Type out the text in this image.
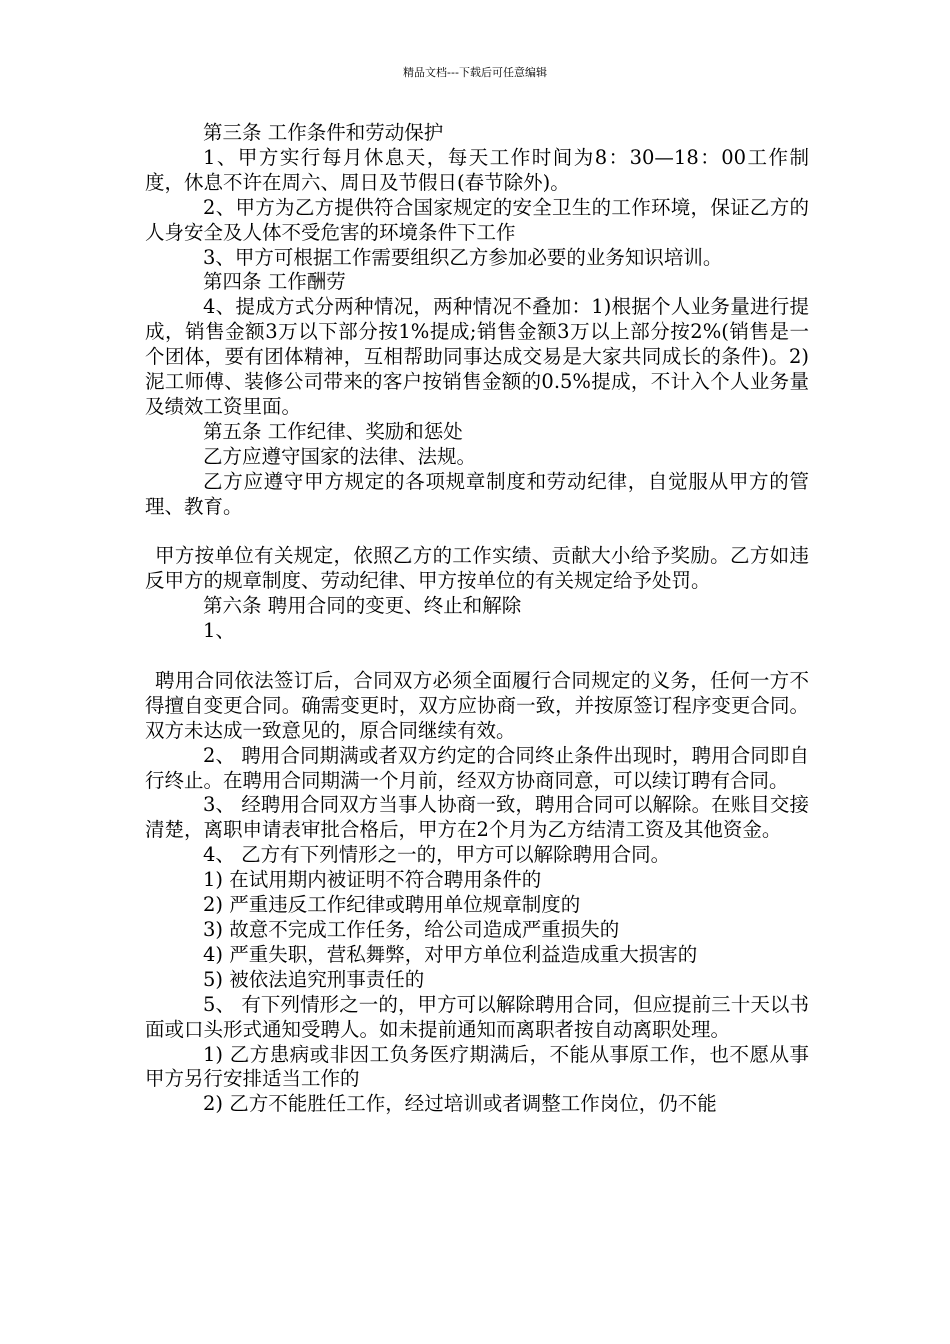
精品文档---下载后可任意编辑

第三条 工作条件和劳动保护

1、甲方实行每月休息天，每天工作时间为8：30—18：00工作制度，休息不许在周六、周日及节假日(春节除外)。

2、甲方为乙方提供符合国家规定的安全卫生的工作环境，保证乙方的人身安全及人体不受危害的环境条件下工作

3、甲方可根据工作需要组织乙方参加必要的业务知识培训。

第四条 工作酬劳

4、提成方式分两种情况，两种情况不叠加：1)根据个人业务量进行提成，销售金额3万以下部分按1%提成;销售金额3万以上部分按2%(销售是一个团体，要有团体精神，互相帮助同事达成交易是大家共同成长的条件)。2)泥工师傅、装修公司带来的客户按销售金额的0.5%提成，不计入个人业务量及绩效工资里面。

第五条 工作纪律、奖励和惩处

乙方应遵守国家的法律、法规。

乙方应遵守甲方规定的各项规章制度和劳动纪律，自觉服从甲方的管理、教育。

甲方按单位有关规定，依照乙方的工作实绩、贡献大小给予奖励。乙方如违反甲方的规章制度、劳动纪律、甲方按单位的有关规定给予处罚。

第六条 聘用合同的变更、终止和解除

1、

聘用合同依法签订后，合同双方必须全面履行合同规定的义务，任何一方不得擅自变更合同。确需变更时，双方应协商一致，并按原签订程序变更合同。双方未达成一致意见的，原合同继续有效。

2、 聘用合同期满或者双方约定的合同终止条件出现时，聘用合同即自行终止。在聘用合同期满一个月前，经双方协商同意，可以续订聘有合同。

3、 经聘用合同双方当事人协商一致，聘用合同可以解除。在账目交接清楚，离职申请表审批合格后，甲方在2个月为乙方结清工资及其他资金。

4、 乙方有下列情形之一的，甲方可以解除聘用合同。

1) 在试用期内被证明不符合聘用条件的

2) 严重违反工作纪律或聘用单位规章制度的

3) 故意不完成工作任务，给公司造成严重损失的

4) 严重失职，营私舞弊，对甲方单位利益造成重大损害的

5) 被依法追究刑事责任的

5、 有下列情形之一的，甲方可以解除聘用合同，但应提前三十天以书面或口头形式通知受聘人。如未提前通知而离职者按自动离职处理。

1) 乙方患病或非因工负务医疗期满后，不能从事原工作，也不愿从事甲方另行安排适当工作的

2) 乙方不能胜任工作，经过培训或者调整工作岗位，仍不能
